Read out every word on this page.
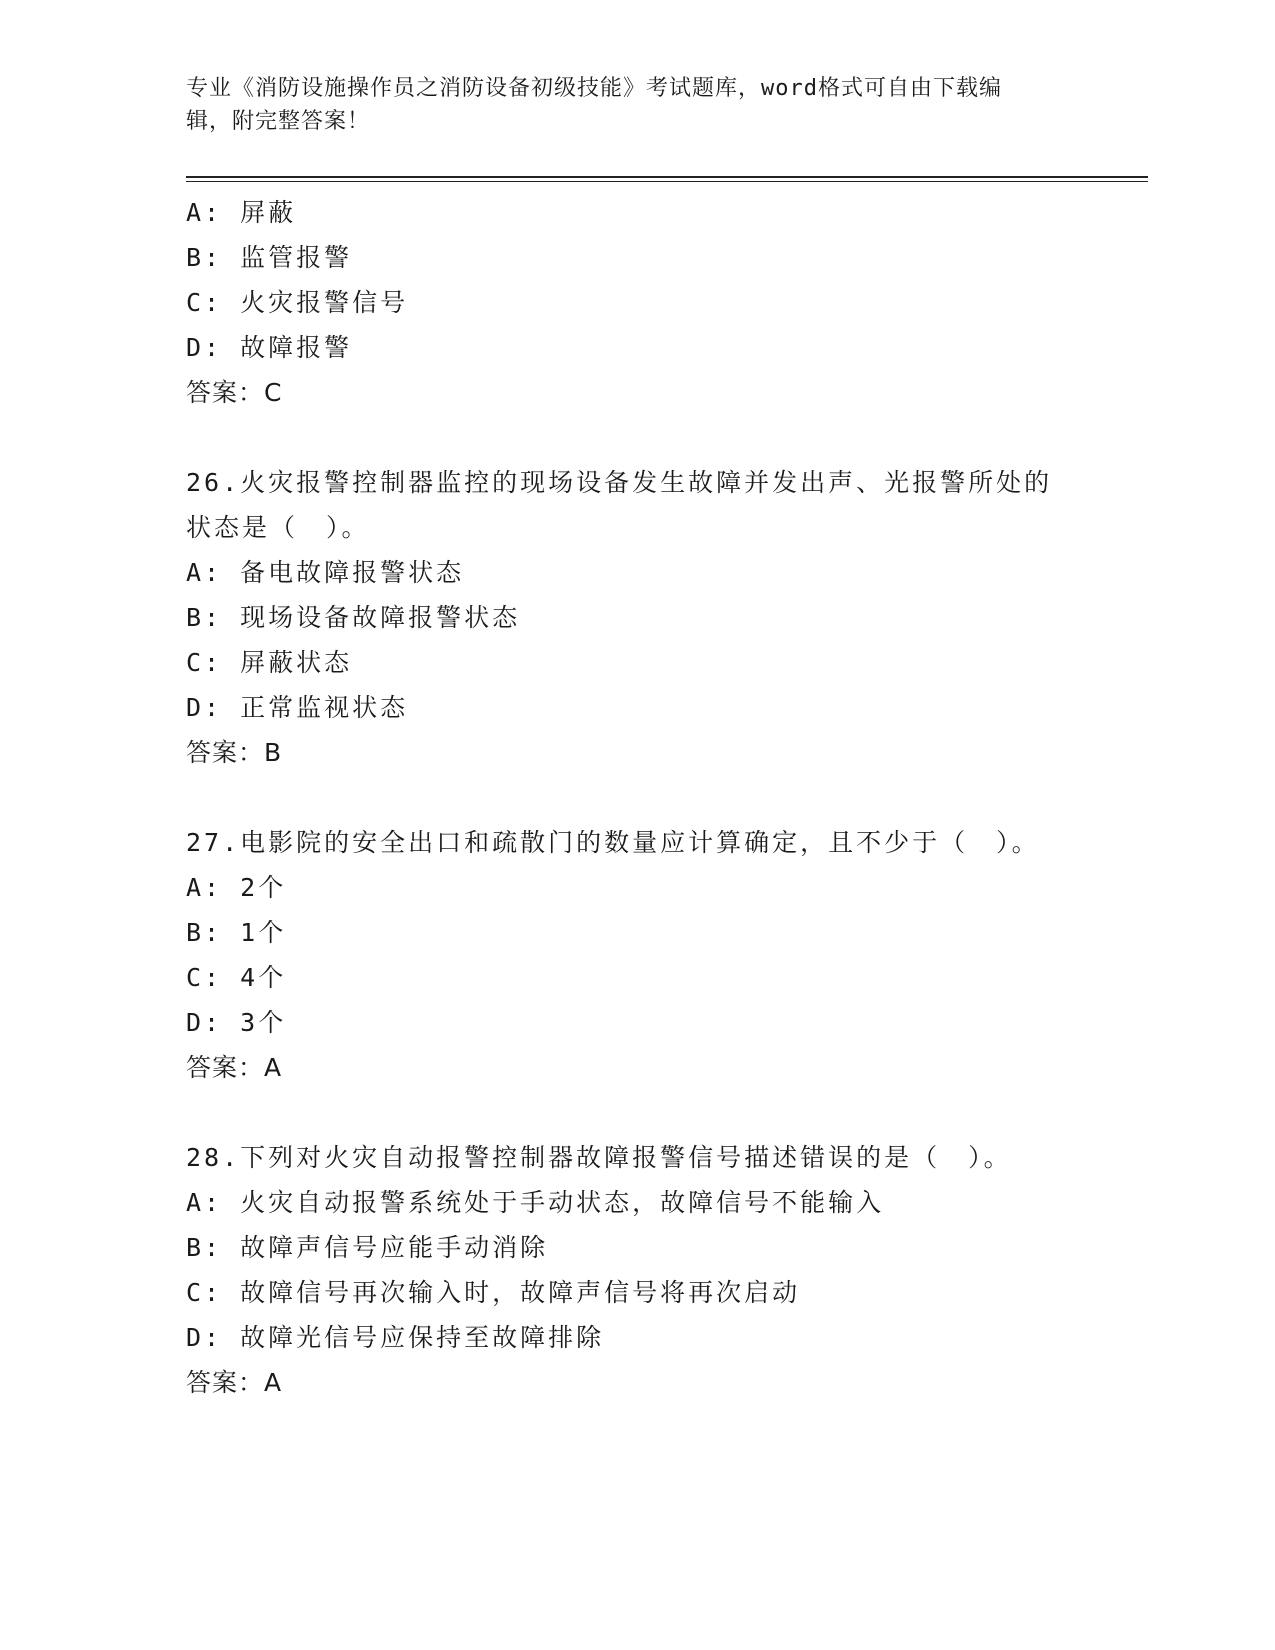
专业《消防设施操作员之消防设备初级技能》考试题库，word格式可自由下载编
辑，附完整答案！
A: 屏蔽
B: 监管报警
C: 火灾报警信号
D: 故障报警
答案：C
26.火灾报警控制器监控的现场设备发生故障并发出声、光报警所处的
状态是（　）。
A: 备电故障报警状态
B: 现场设备故障报警状态
C: 屏蔽状态
D: 正常监视状态
答案：B
27.电影院的安全出口和疏散门的数量应计算确定，且不少于（　）。
A: 2个
B: 1个
C: 4个
D: 3个
答案：A
28.下列对火灾自动报警控制器故障报警信号描述错误的是（　）。
A: 火灾自动报警系统处于手动状态，故障信号不能输入
B: 故障声信号应能手动消除
C: 故障信号再次输入时，故障声信号将再次启动
D: 故障光信号应保持至故障排除
答案：A
